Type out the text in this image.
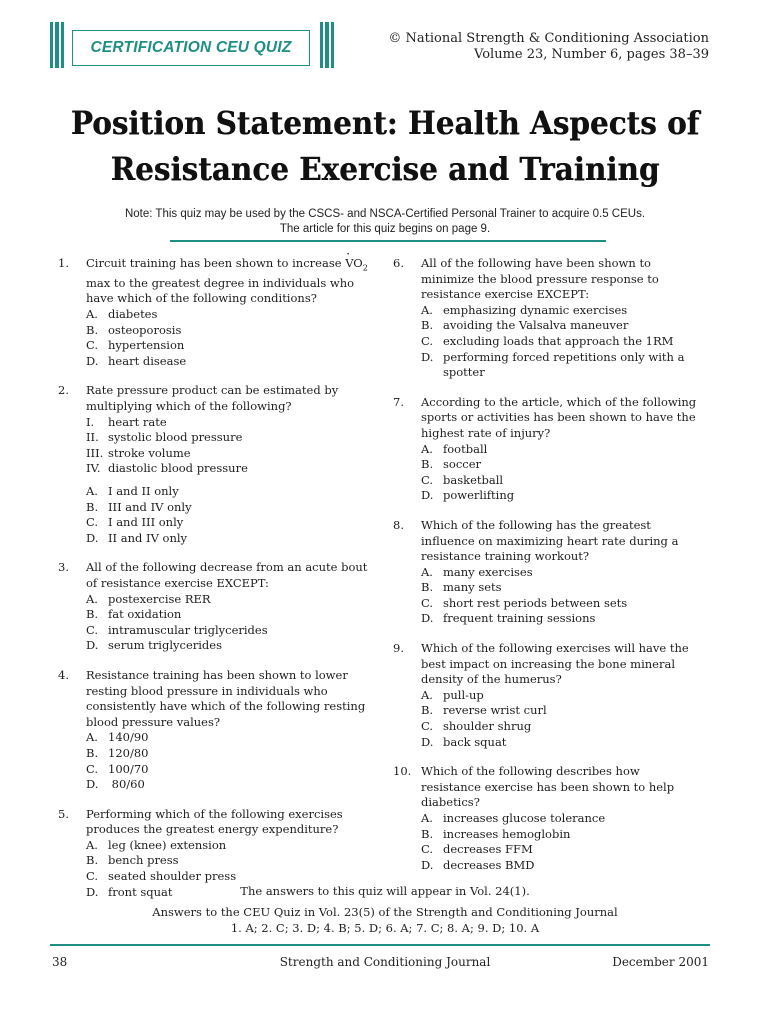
CERTIFICATION CEU QUIZ
© National Strength & Conditioning Association
Volume 23, Number 6, pages 38–39
Position Statement: Health Aspects of
Resistance Exercise and Training
Note: This quiz may be used by the CSCS- and NSCA-Certified Personal Trainer to acquire 0.5 CEUs.
The article for this quiz begins on page 9.
1. Circuit training has been shown to increase · $VO_2$ max to the greatest degree in individuals who have which of the following conditions?
A. diabetes
B. osteoporosis
C. hypertension
D. heart disease
2. Rate pressure product can be estimated by multiplying which of the following?
I. heart rate
II. systolic blood pressure
III. stroke volume
IV. diastolic blood pressure
A. I and II only
B. III and IV only
C. I and III only
D. II and IV only
3. All of the following decrease from an acute bout of resistance exercise EXCEPT:
A. postexercise RER
B. fat oxidation
C. intramuscular triglycerides
D. serum triglycerides
4. Resistance training has been shown to lower resting blood pressure in individuals who consistently have which of the following resting blood pressure values?
A. 140/90
B. 120/80
C. 100/70
D. 80/60
5. Performing which of the following exercises produces the greatest energy expenditure?
A. leg (knee) extension
B. bench press
C. seated shoulder press
D. front squat
6. All of the following have been shown to minimize the blood pressure response to resistance exercise EXCEPT:
A. emphasizing dynamic exercises
B. avoiding the Valsalva maneuver
C. excluding loads that approach the 1RM
D. performing forced repetitions only with a spotter
7. According to the article, which of the following sports or activities has been shown to have the highest rate of injury?
A. football
B. soccer
C. basketball
D. powerlifting
8. Which of the following has the greatest influence on maximizing heart rate during a resistance training workout?
A. many exercises
B. many sets
C. short rest periods between sets
D. frequent training sessions
9. Which of the following exercises will have the best impact on increasing the bone mineral density of the humerus?
A. pull-up
B. reverse wrist curl
C. shoulder shrug
D. back squat
10. Which of the following describes how resistance exercise has been shown to help diabetics?
A. increases glucose tolerance
B. increases hemoglobin
C. decreases FFM
D. decreases BMD
The answers to this quiz will appear in Vol. 24(1).
Answers to the CEU Quiz in Vol. 23(5) of the Strength and Conditioning Journal
1. A; 2. C; 3. D; 4. B; 5. D; 6. A; 7. C; 8. A; 9. D; 10. A
38	Strength and Conditioning Journal	December 2001
